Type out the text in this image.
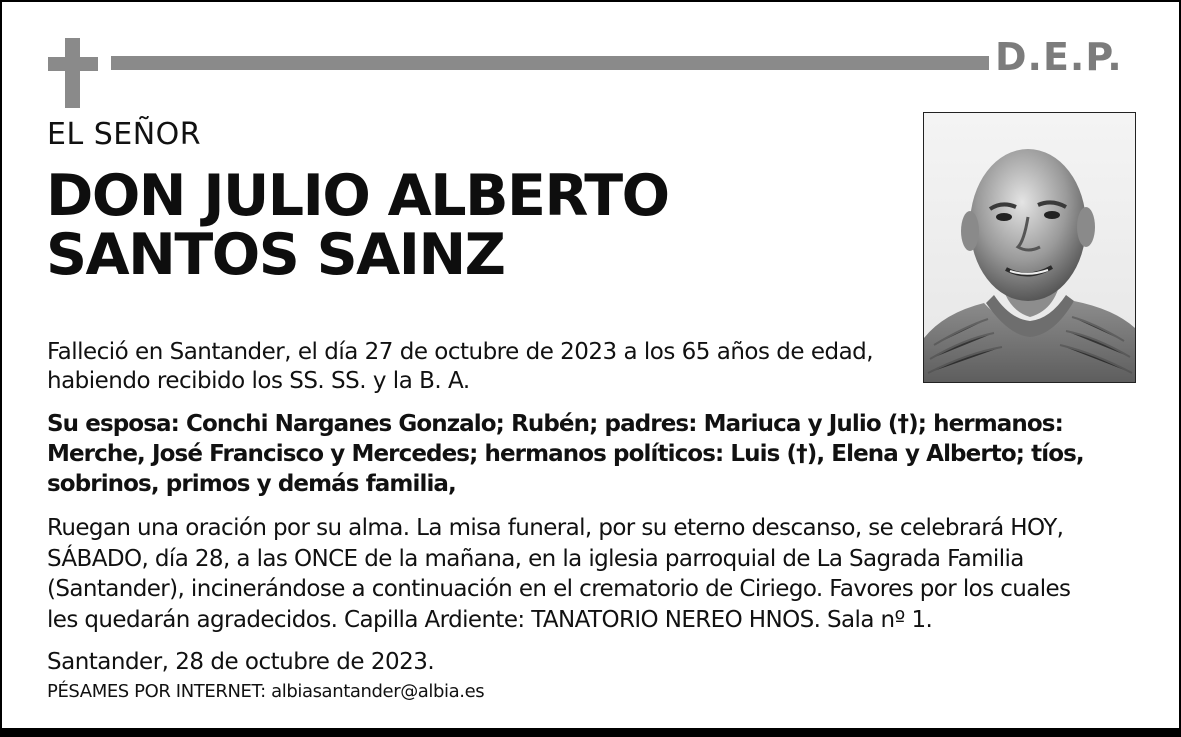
D.E.P.
EL SEÑOR
DON JULIO ALBERTO
SANTOS SAINZ
Falleció en Santander, el día 27 de octubre de 2023 a los 65 años de edad,
habiendo recibido los SS. SS. y la B. A.
Su esposa: Conchi Narganes Gonzalo; Rubén; padres: Mariuca y Julio (†); hermanos:
Merche, José Francisco y Mercedes; hermanos políticos: Luis (†), Elena y Alberto; tíos,
sobrinos, primos y demás familia,
Ruegan una oración por su alma. La misa funeral, por su eterno descanso, se celebrará HOY,
SÁBADO, día 28, a las ONCE de la mañana, en la iglesia parroquial de La Sagrada Familia
(Santander), incinerándose a continuación en el crematorio de Ciriego. Favores por los cuales
les quedarán agradecidos. Capilla Ardiente: TANATORIO NEREO HNOS. Sala nº 1.
Santander, 28 de octubre de 2023.
PÉSAMES POR INTERNET: albiasantander@albia.es
